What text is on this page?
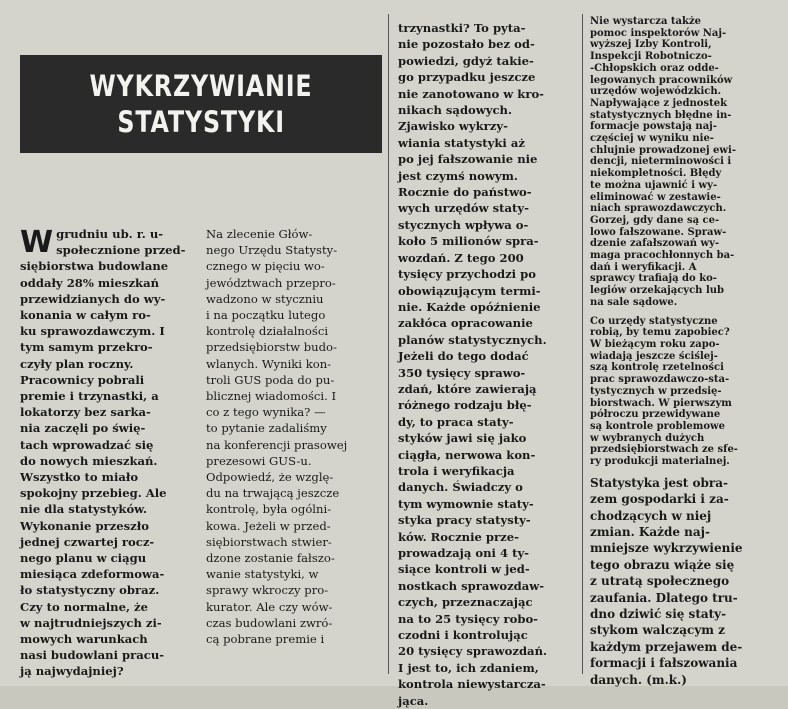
WYKRZYWIANIE
STATYSTYKI
Wgrudniu ub. r. u-
społecznione przed-
siębiorstwa budowlane
oddały 28% mieszkań
przewidzianych do wy-
konania w całym ro-
ku sprawozdawczym. I
tym samym przekro-
czyły plan roczny.
Pracownicy pobrali
premie i trzynastki, a
lokatorzy bez sarka-
nia zaczęli po świę-
tach wprowadzać się
do nowych mieszkań.
Wszystko to miało
spokojny przebieg. Ale
nie dla statystyków.
Wykonanie przeszło
jednej czwartej rocz-
nego planu w ciągu
miesiąca zdeformowa-
ło statystyczny obraz.
Czy to normalne, że
w najtrudniejszych zi-
mowych warunkach
nasi budowlani pracu-
ją najwydajniej?
Na zlecenie Głów-
nego Urzędu Statysty-
cznego w pięciu wo-
jewództwach przepro-
wadzono w styczniu
i na początku lutego
kontrolę działalności
przedsiębiorstw budo-
wlanych. Wyniki kon-
troli GUS poda do pu-
blicznej wiadomości. I
co z tego wynika? —
to pytanie zadaliśmy
na konferencji prasowej
prezesowi GUS-u.
Odpowiedź, że wzglę-
du na trwającą jeszcze
kontrolę, była ogólni-
kowa. Jeżeli w przed-
siębiorstwach stwier-
dzone zostanie fałszo-
wanie statystyki, w
sprawy wkroczy pro-
kurator. Ale czy wów-
czas budowlani zwró-
cą pobrane premie i
trzynastki? To pyta-
nie pozostało bez od-
powiedzi, gdyż takie-
go przypadku jeszcze
nie zanotowano w kro-
nikach sądowych.
Zjawisko wykrzy-
wiania statystyki aż
po jej fałszowanie nie
jest czymś nowym.
Rocznie do państwo-
wych urzędów staty-
stycznych wpływa o-
koło 5 milionów spra-
wozdań. Z tego 200
tysięcy przychodzi po
obowiązującym termi-
nie. Każde opóźnienie
zakłóca opracowanie
planów statystycznych.
Jeżeli do tego dodać
350 tysięcy sprawo-
zdań, które zawierają
różnego rodzaju błę-
dy, to praca staty-
styków jawi się jako
ciągła, nerwowa kon-
trola i weryfikacja
danych. Świadczy o
tym wymownie staty-
styka pracy statysty-
ków. Rocznie prze-
prowadzają oni 4 ty-
siące kontroli w jed-
nostkach sprawozdaw-
czych, przeznaczając
na to 25 tysięcy robo-
czodni i kontrolując
20 tysięcy sprawozdań.
I jest to, ich zdaniem,
kontrola niewystarcza-
jąca.
Nie wystarcza także
pomoc inspektorów Naj-
wyższej Izby Kontroli,
Inspekcji Robotniczo-
-Chłopskich oraz odde-
legowanych pracowników
urzędów wojewódzkich.
Napływające z jednostek
statystycznych błędne in-
formacje powstają naj-
częściej w wyniku nie-
chlujnie prowadzonej ewi-
dencji, nieterminowości i
niekompletności. Błędy
te można ujawnić i wy-
eliminować w zestawie-
niach sprawozdawczych.
Gorzej, gdy dane są ce-
lowo fałszowane. Spraw-
dzenie zafałszowań wy-
maga pracochłonnych ba-
dań i weryfikacji. A
sprawcy trafiają do ko-
legiów orzekających lub
na sale sądowe.
Co urzędy statystyczne
robią, by temu zapobiec?
W bieżącym roku zapo-
wiadają jeszcze ściślej-
szą kontrolę rzetelności
prac sprawozdawczo-sta-
tystycznych w przedsię-
biorstwach. W pierwszym
półroczu przewidywane
są kontrole problemowe
w wybranych dużych
przedsiębiorstwach ze sfe-
ry produkcji materialnej.
Statystyka jest obra-
zem gospodarki i za-
chodzących w niej
zmian. Każde naj-
mniejsze wykrzywienie
tego obrazu wiąże się
z utratą społecznego
zaufania. Dlatego tru-
dno dziwić się staty-
stykom walczącym z
każdym przejawem de-
formacji i fałszowania
danych. (m.k.)
